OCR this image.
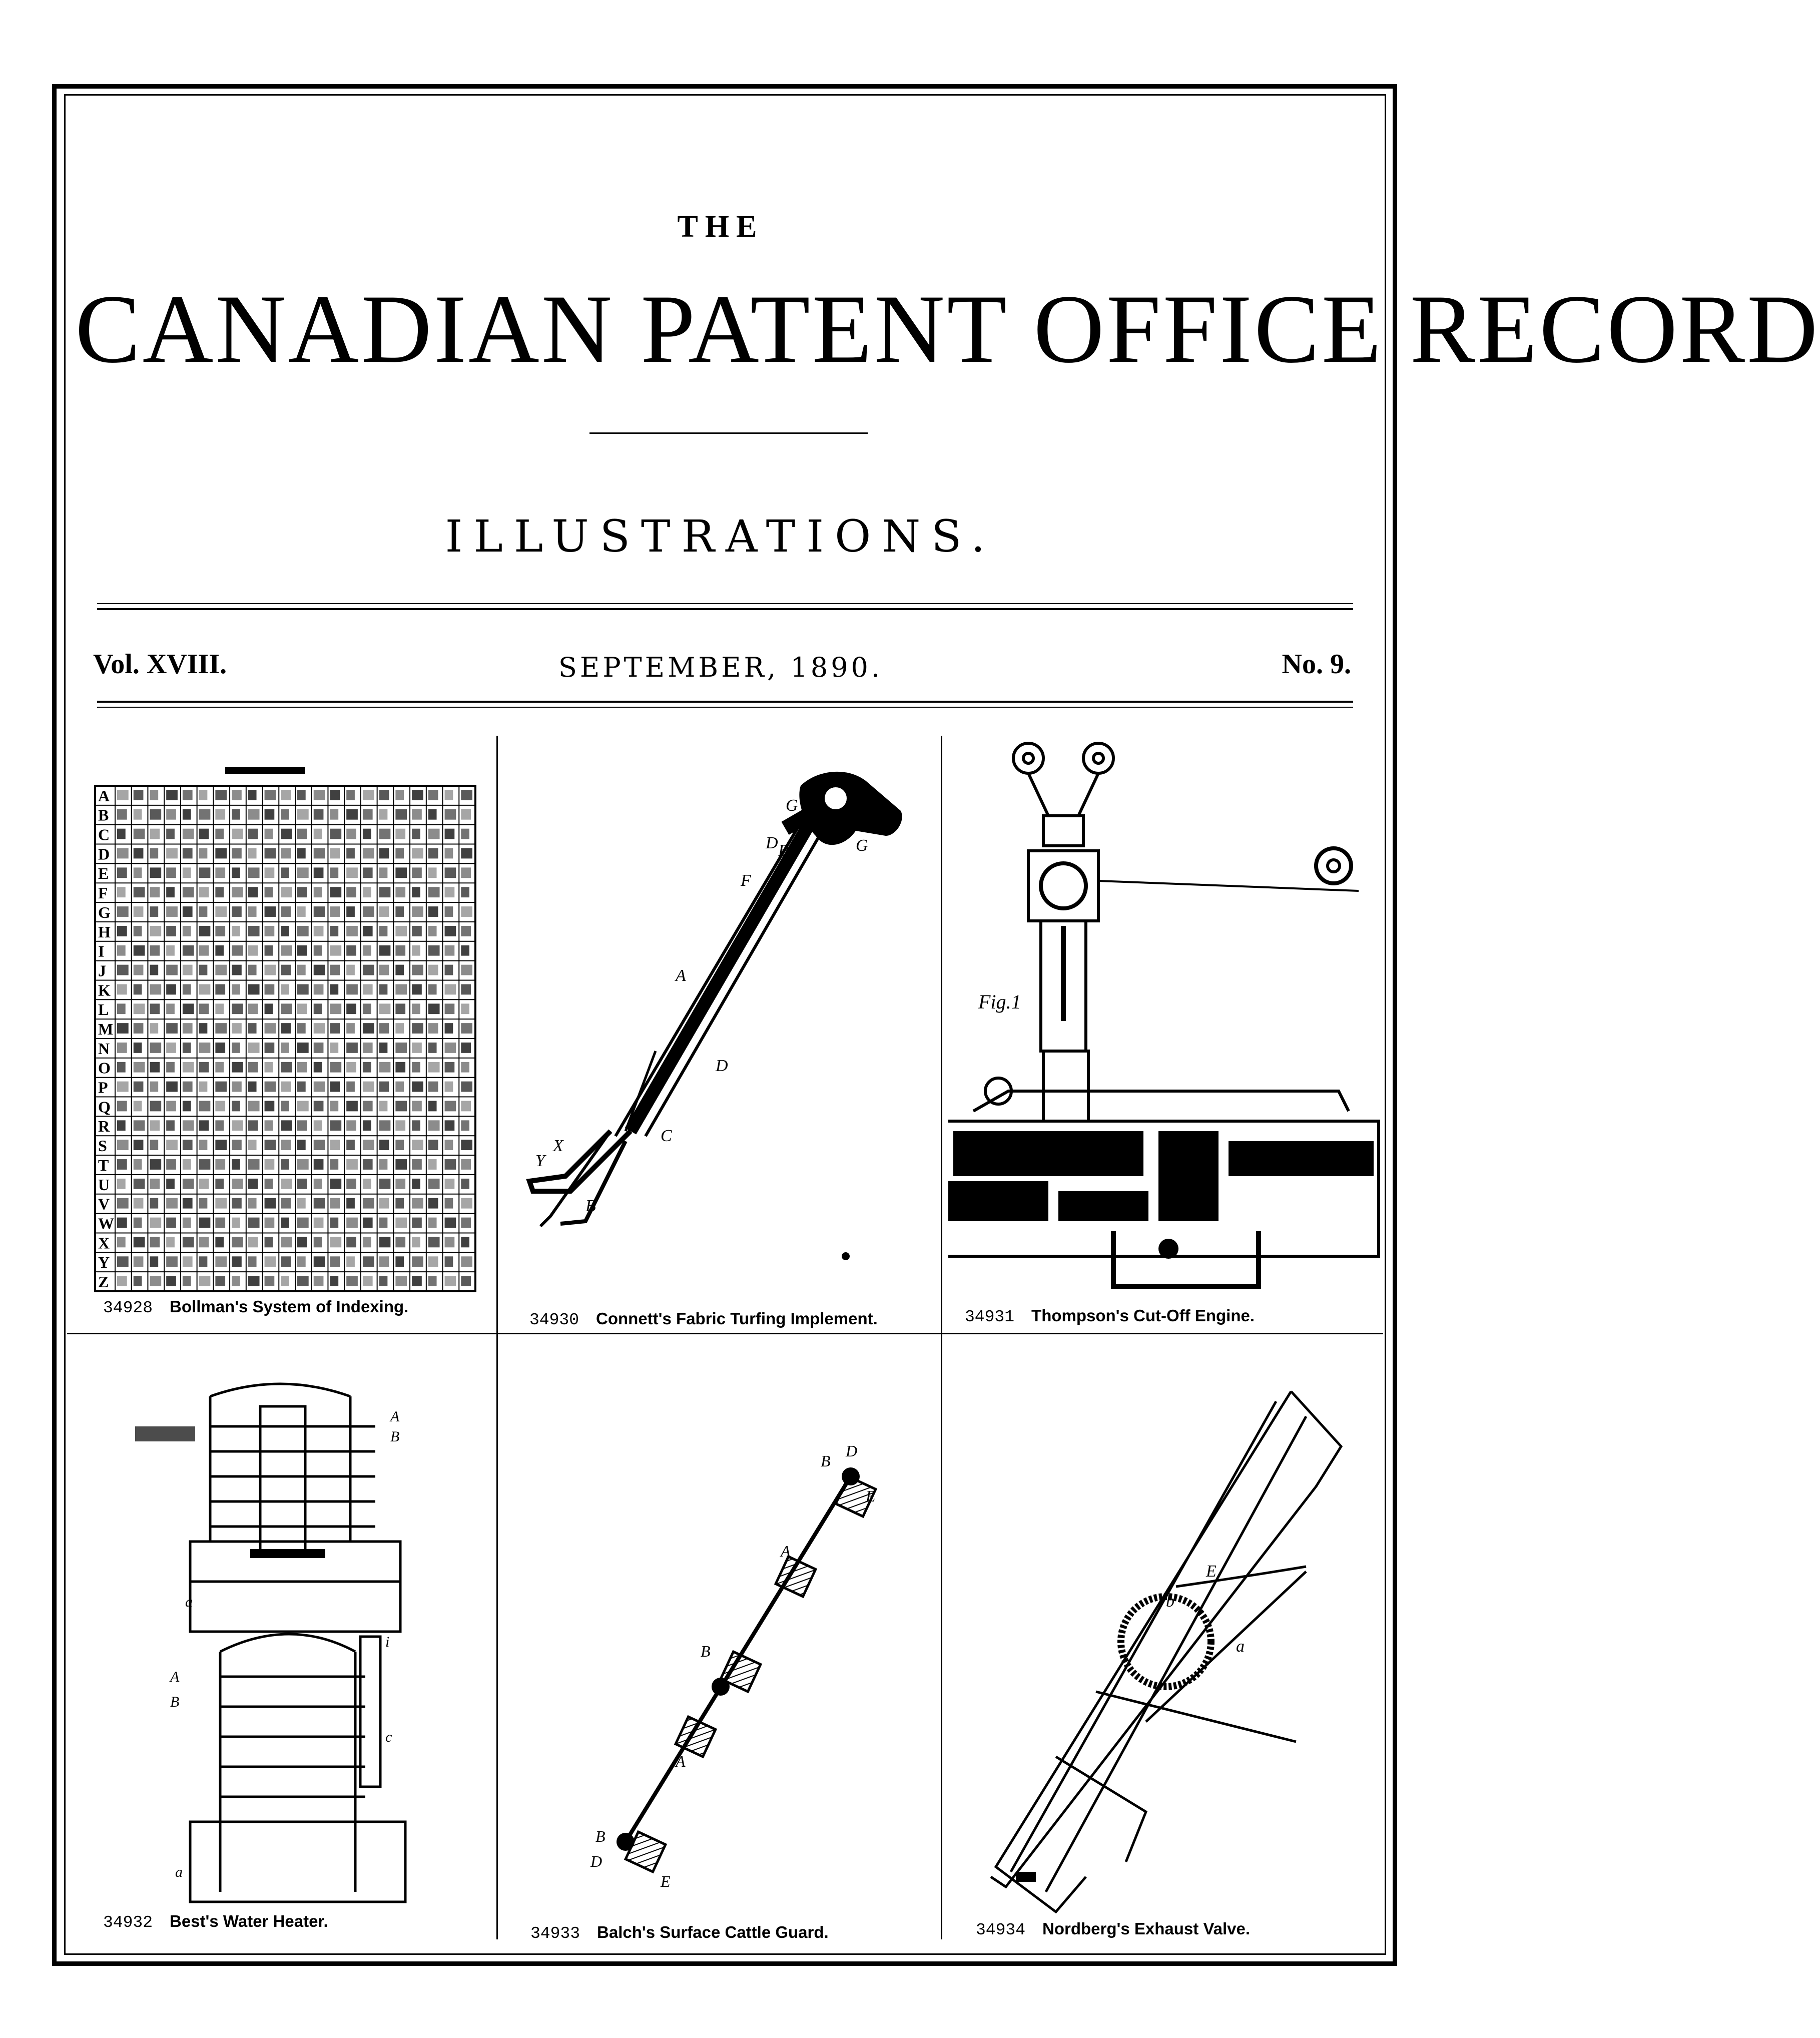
THE
CANADIAN PATENT OFFICE RECORD
ILLUSTRATIONS.
Vol. XVIII.	SEPTEMBER, 1890.	No. 9.
A
B
C
D
E
F
G
H
I
J
K
L
M
N
O
P
Q
R
S
T
U
V
W
X
Y
Z
G
G
B
D
F
A
D
X
Y
C
B
Fig.1
A
B
a
A
B
i
c
a
B
D
A
B
A
B
D
E
E
E
b
a
34928 Bollman's System of Indexing.
34930 Connett's Fabric Turfing Implement.	34931 Thompson's Cut-Off Engine.
34932 Best's Water Heater.
34933 Balch's Surface Cattle Guard.	34934 Nordberg's Exhaust Valve.
